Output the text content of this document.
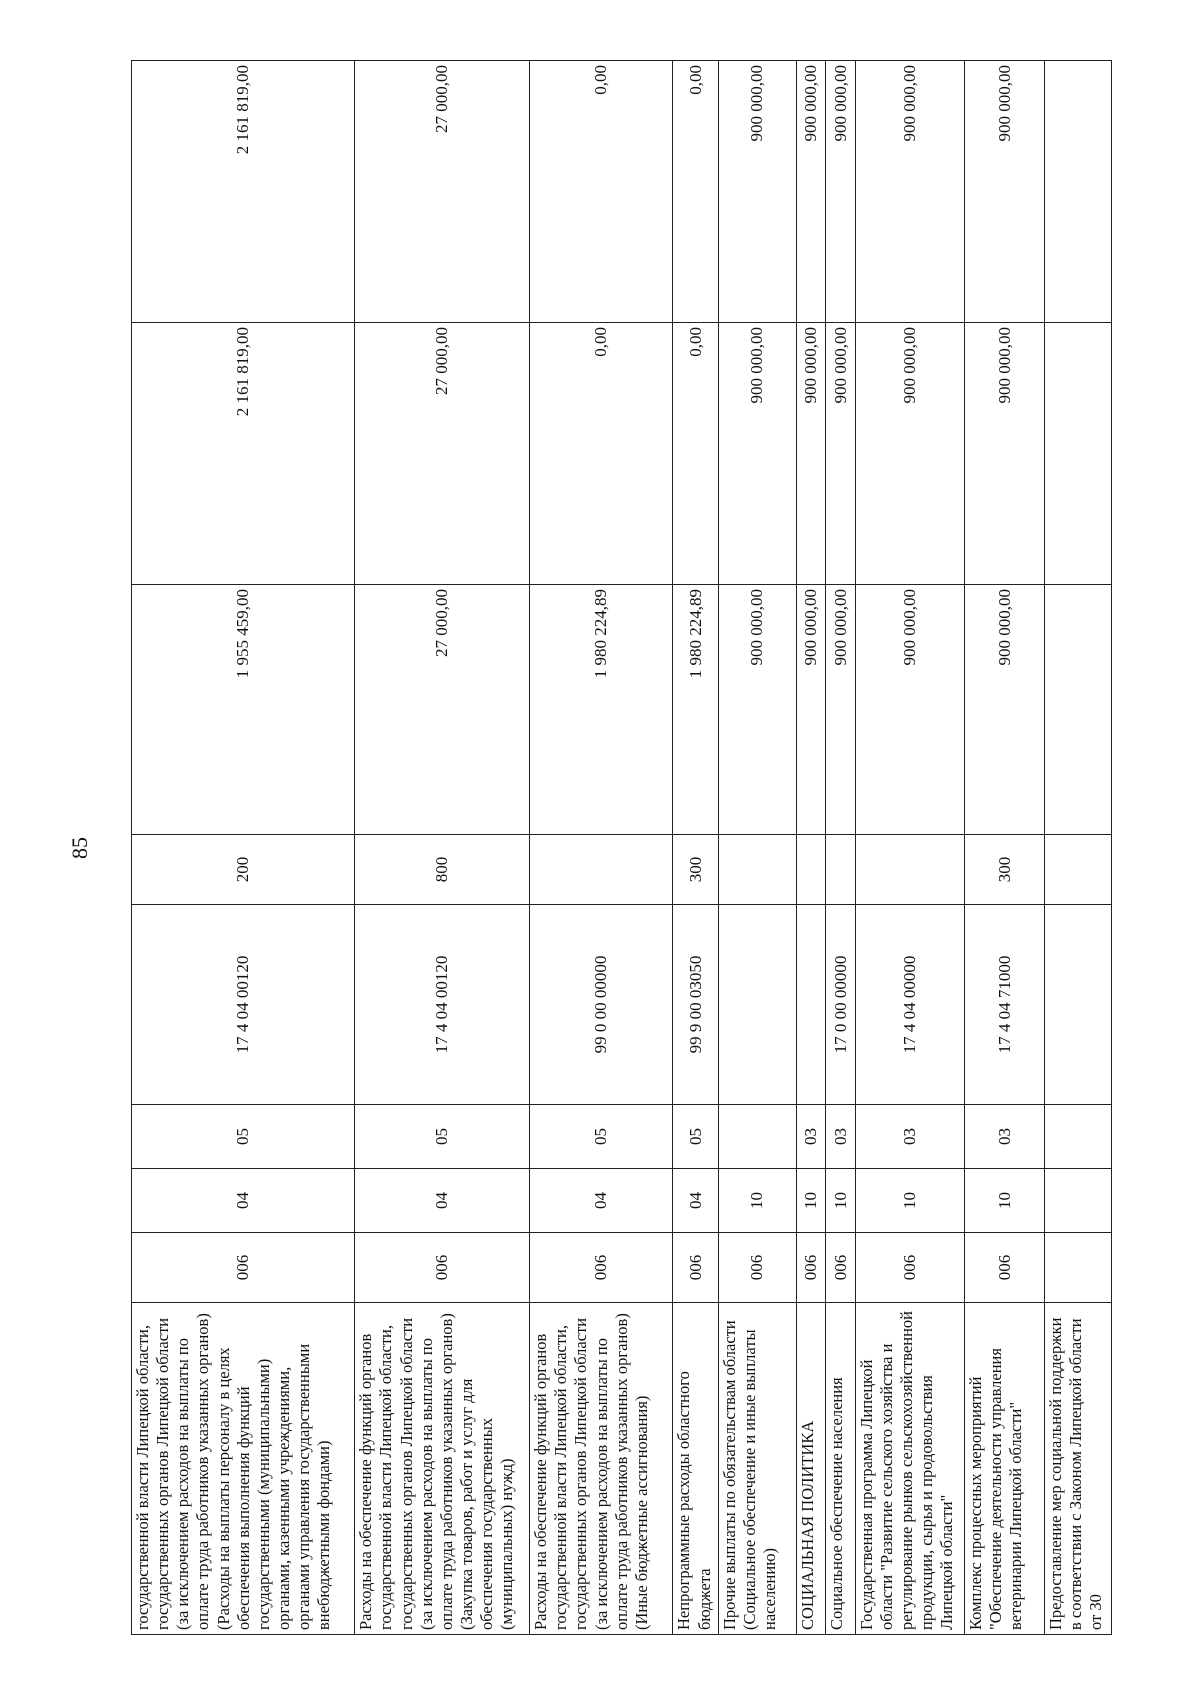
85
государственной власти Липецкой области, государственных органов Липецкой области (за исключением расходов на выплаты по оплате труда работников указанных органов) (Расходы на выплаты персоналу в целях обеспечения выполнения функций государственными (муниципальными) органами, казенными учреждениями, органами управления государственными внебюджетными фондами)	006	04	05	17 4 04 00120	200	1 955 459,00	2 161 819,00	2 161 819,00
Расходы на обеспечение функций органов государственной власти Липецкой области, государственных органов Липецкой области (за исключением расходов на выплаты по оплате труда работников указанных органов) (Закупка товаров, работ и услуг для обеспечения государственных (муниципальных) нужд)	006	04	05	17 4 04 00120	800	27 000,00	27 000,00	27 000,00
Расходы на обеспечение функций органов государственной власти Липецкой области, государственных органов Липецкой области (за исключением расходов на выплаты по оплате труда работников указанных органов) (Иные бюджетные ассигнования)	006	04	05	99 0 00 00000		1 980 224,89	0,00	0,00
Непрограммные расходы областного бюджета	006	04	05	99 9 00 03050	300	1 980 224,89	0,00	0,00
Прочие выплаты по обязательствам области (Социальное обеспечение и иные выплаты населению)	006	10				900 000,00	900 000,00	900 000,00
СОЦИАЛЬНАЯ ПОЛИТИКА	006	10	03			900 000,00	900 000,00	900 000,00
Социальное обеспечение населения	006	10	03	17 0 00 00000		900 000,00	900 000,00	900 000,00
Государственная программа Липецкой области "Развитие сельского хозяйства и регулирование рынков сельскохозяйственной продукции, сырья и продовольствия Липецкой области"	006	10	03	17 4 04 00000		900 000,00	900 000,00	900 000,00
Комплекс процессных мероприятий "Обеспечение деятельности управления ветеринарии Липецкой области"	006	10	03	17 4 04 71000	300	900 000,00	900 000,00	900 000,00
Предоставление мер социальной поддержки в соответствии с Законом Липецкой области от 30								
